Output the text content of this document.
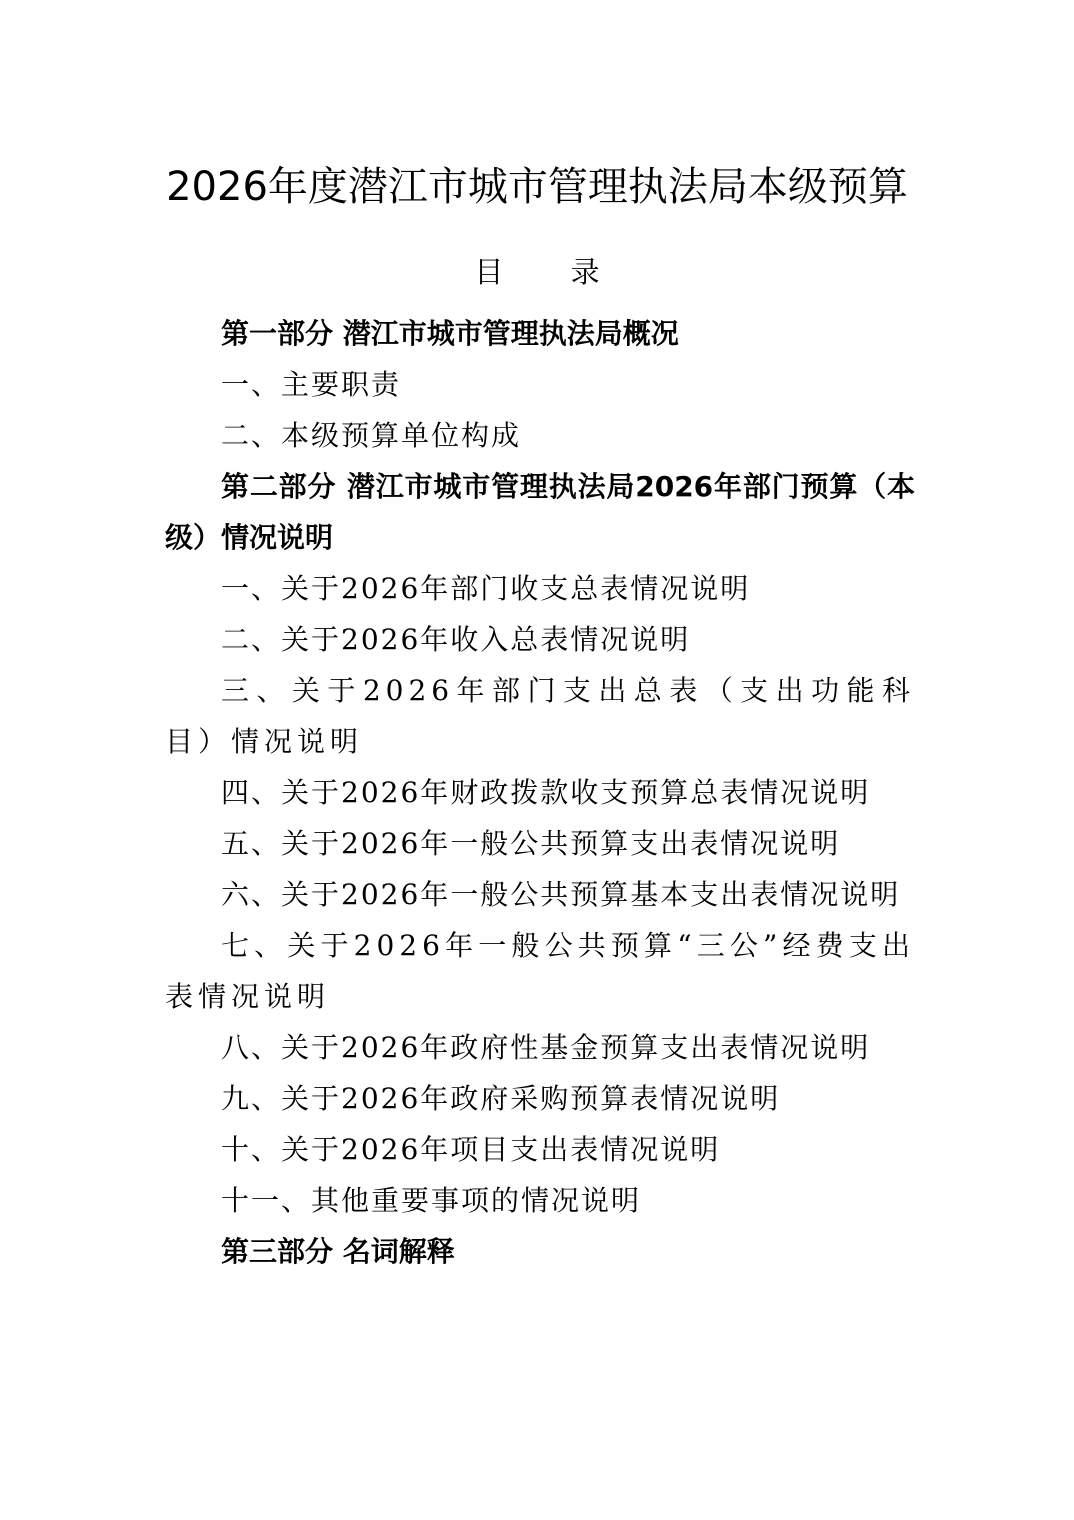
2026年度潜江市城市管理执法局本级预算
目 录

第一部分 潜江市城市管理执法局概况

一、主要职责

二、本级预算单位构成

第二部分 潜江市城市管理执法局2026年部门预算（本级）情况说明

一、关于2026年部门收支总表情况说明

二、关于2026年收入总表情况说明

三、关于2026年部门支出总表（支出功能科目）情况说明

四、关于2026年财政拨款收支预算总表情况说明

五、关于2026年一般公共预算支出表情况说明

六、关于2026年一般公共预算基本支出表情况说明

七、关于2026年一般公共预算“三公”经费支出表情况说明

八、关于2026年政府性基金预算支出表情况说明

九、关于2026年政府采购预算表情况说明

十、关于2026年项目支出表情况说明

十一、其他重要事项的情况说明

第三部分 名词解释
